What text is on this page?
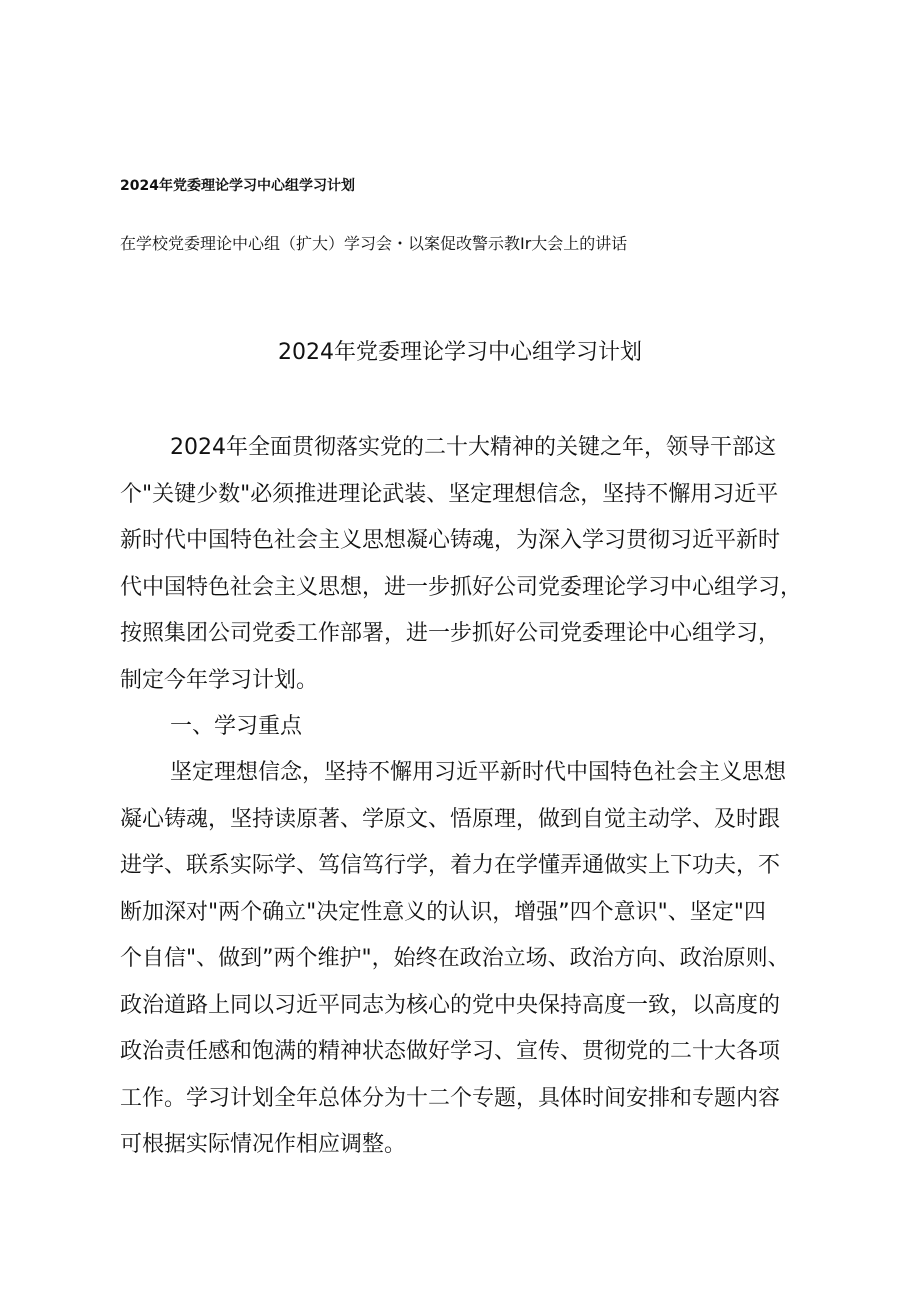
2024年党委理论学习中心组学习计划
在学校党委理论中心组（扩大）学习会・以案促改警示教Ir大会上的讲话
2024年党委理论学习中心组学习计划
2024年全面贯彻落实党的二十大精神的关键之年，领导干部这
个"关键少数"必须推进理论武装、坚定理想信念，坚持不懈用习近平
新时代中国特色社会主义思想凝心铸魂，为深入学习贯彻习近平新时
代中国特色社会主义思想，进一步抓好公司党委理论学习中心组学习，
按照集团公司党委工作部署，进一步抓好公司党委理论中心组学习，
制定今年学习计划。
一、学习重点
坚定理想信念，坚持不懈用习近平新时代中国特色社会主义思想
凝心铸魂，坚持读原著、学原文、悟原理，做到自觉主动学、及时跟
进学、联系实际学、笃信笃行学，着力在学懂弄通做实上下功夫，不
断加深对"两个确立"决定性意义的认识，增强”四个意识"、坚定"四
个自信"、做到”两个维护"，始终在政治立场、政治方向、政治原则、
政治道路上同以习近平同志为核心的党中央保持高度一致，以高度的
政治责任感和饱满的精神状态做好学习、宣传、贯彻党的二十大各项
工作。学习计划全年总体分为十二个专题，具体时间安排和专题内容
可根据实际情况作相应调整。
